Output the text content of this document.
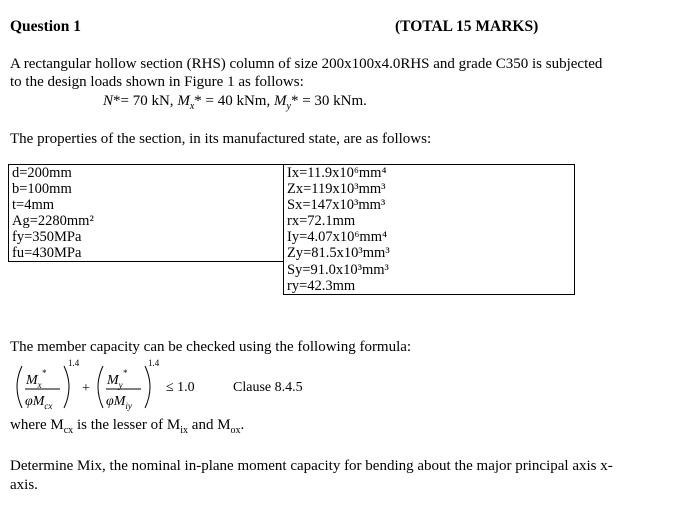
Question 1	(TOTAL 15 MARKS)
A rectangular hollow section (RHS) column of size 200x100x4.0RHS and grade C350 is subjected
to the design loads shown in Figure 1 as follows:
N*= 70 kN, $M_x* = 40$ kNm, $M_y* = 30$ kNm.
The properties of the section, in its manufactured state, are as follows:
d=200mm	Ix=11.9x10⁶mm⁴
b=100mm	Zx=119x10³mm³
t=4mm	Sx=147x10³mm³
Ag=2280mm²	rx=72.1mm
fy=350MPa	Iy=4.07x10⁶mm⁴
fu=430MPa	Zy=81.5x10³mm³
	Sy=91.0x10³mm³
	ry=42.3mm
The member capacity can be checked using the following formula:
$M_x^*$
$\varphi M_{cx}$
1.4
+
$M_y^*$
$\varphi M_{iy}$
1.4
≤ 1.0	Clause 8.4.5
where $M_{cx}$ is the lesser of $M_{ix}$ and $M_{ox}$.
Determine Mix, the nominal in-plane moment capacity for bending about the major principal axis x-
axis.
